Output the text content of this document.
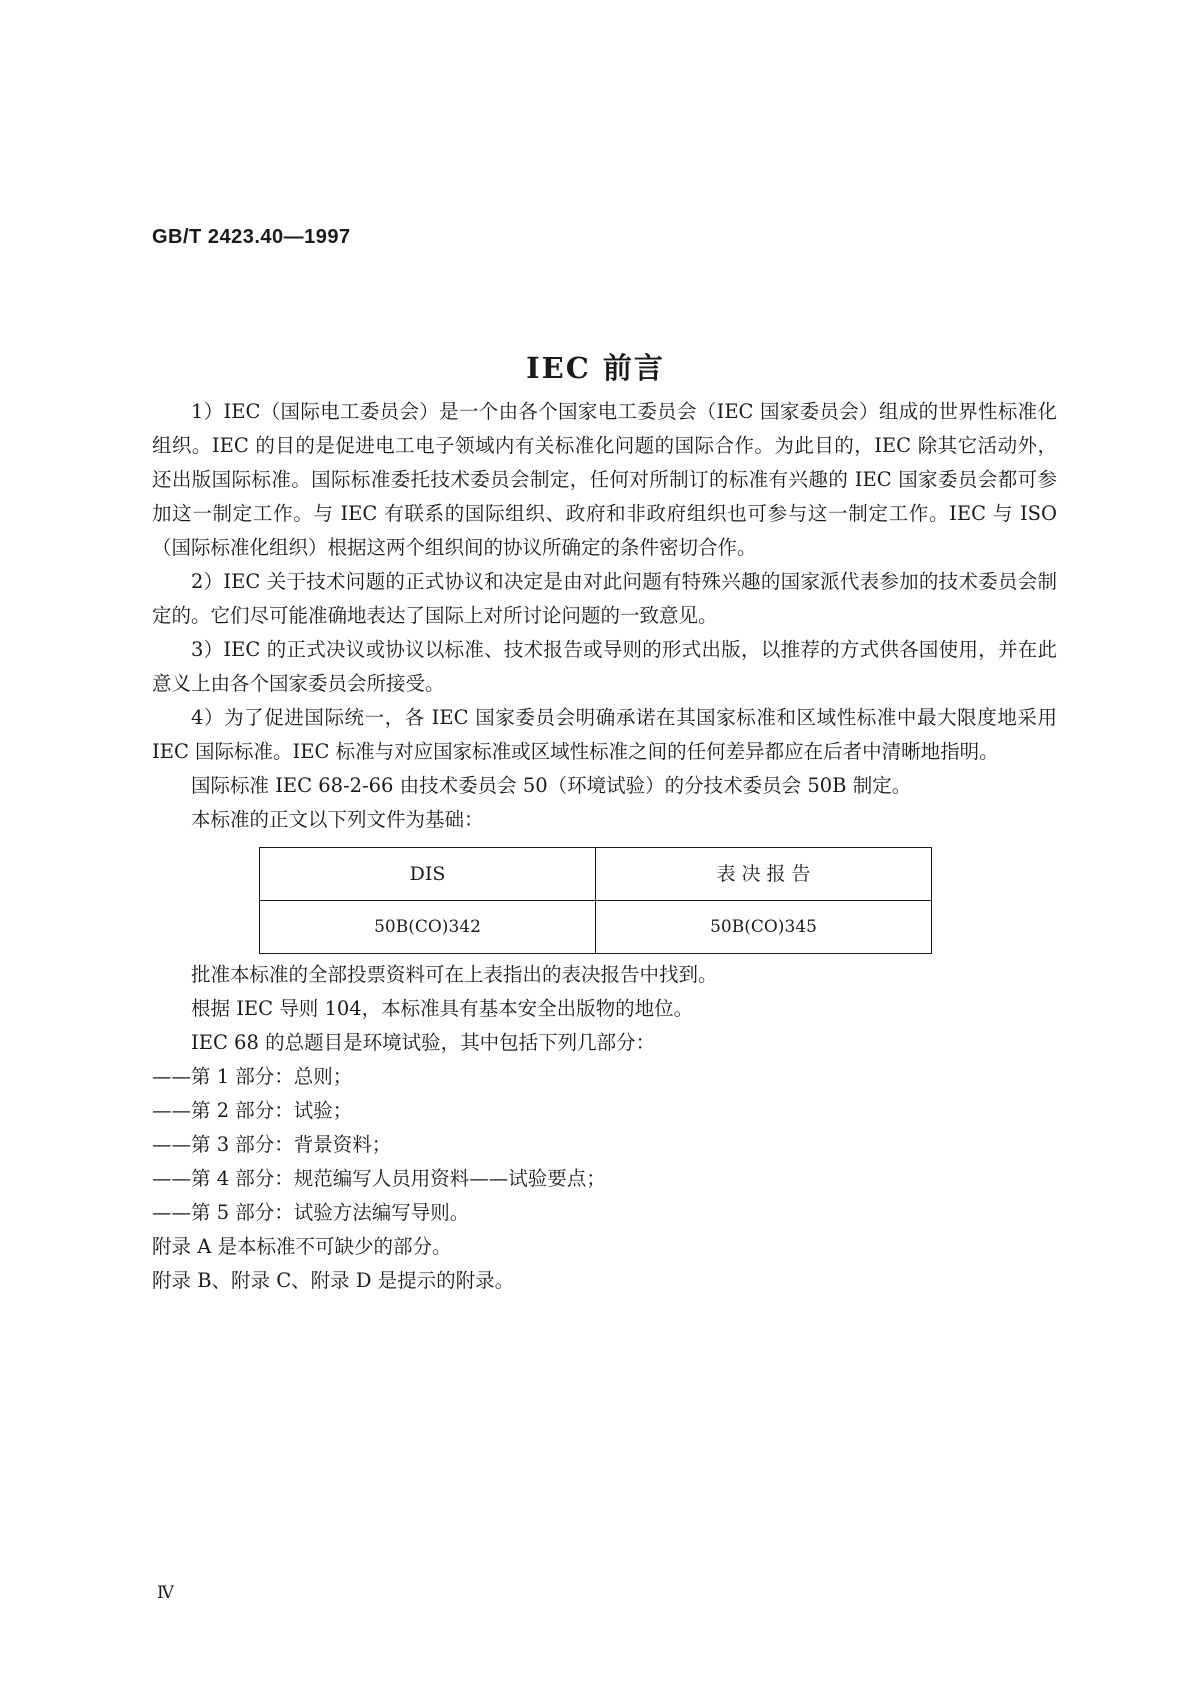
GB/T 2423.40—1997
IEC 前言

1）IEC（国际电工委员会）是一个由各个国家电工委员会（IEC 国家委员会）组成的世界性标准化组织。IEC 的目的是促进电工电子领域内有关标准化问题的国际合作。为此目的，IEC 除其它活动外，还出版国际标准。国际标准委托技术委员会制定，任何对所制订的标准有兴趣的 IEC 国家委员会都可参加这一制定工作。与 IEC 有联系的国际组织、政府和非政府组织也可参与这一制定工作。IEC 与 ISO（国际标准化组织）根据这两个组织间的协议所确定的条件密切合作。

2）IEC 关于技术问题的正式协议和决定是由对此问题有特殊兴趣的国家派代表参加的技术委员会制定的。它们尽可能准确地表达了国际上对所讨论问题的一致意见。

3）IEC 的正式决议或协议以标准、技术报告或导则的形式出版，以推荐的方式供各国使用，并在此意义上由各个国家委员会所接受。

4）为了促进国际统一，各 IEC 国家委员会明确承诺在其国家标准和区域性标准中最大限度地采用 IEC 国际标准。IEC 标准与对应国家标准或区域性标准之间的任何差异都应在后者中清晰地指明。

国际标准 IEC 68-2-66 由技术委员会 50（环境试验）的分技术委员会 50B 制定。

本标准的正文以下列文件为基础：

DIS	表 决 报 告
50B(CO)342	50B(CO)345

批准本标准的全部投票资料可在上表指出的表决报告中找到。

根据 IEC 导则 104，本标准具有基本安全出版物的地位。

IEC 68 的总题目是环境试验，其中包括下列几部分：

——第 1 部分：总则；

——第 2 部分：试验；

——第 3 部分：背景资料；

——第 4 部分：规范编写人员用资料——试验要点；

——第 5 部分：试验方法编写导则。

附录 A 是本标准不可缺少的部分。

附录 B、附录 C、附录 D 是提示的附录。

Ⅳ
